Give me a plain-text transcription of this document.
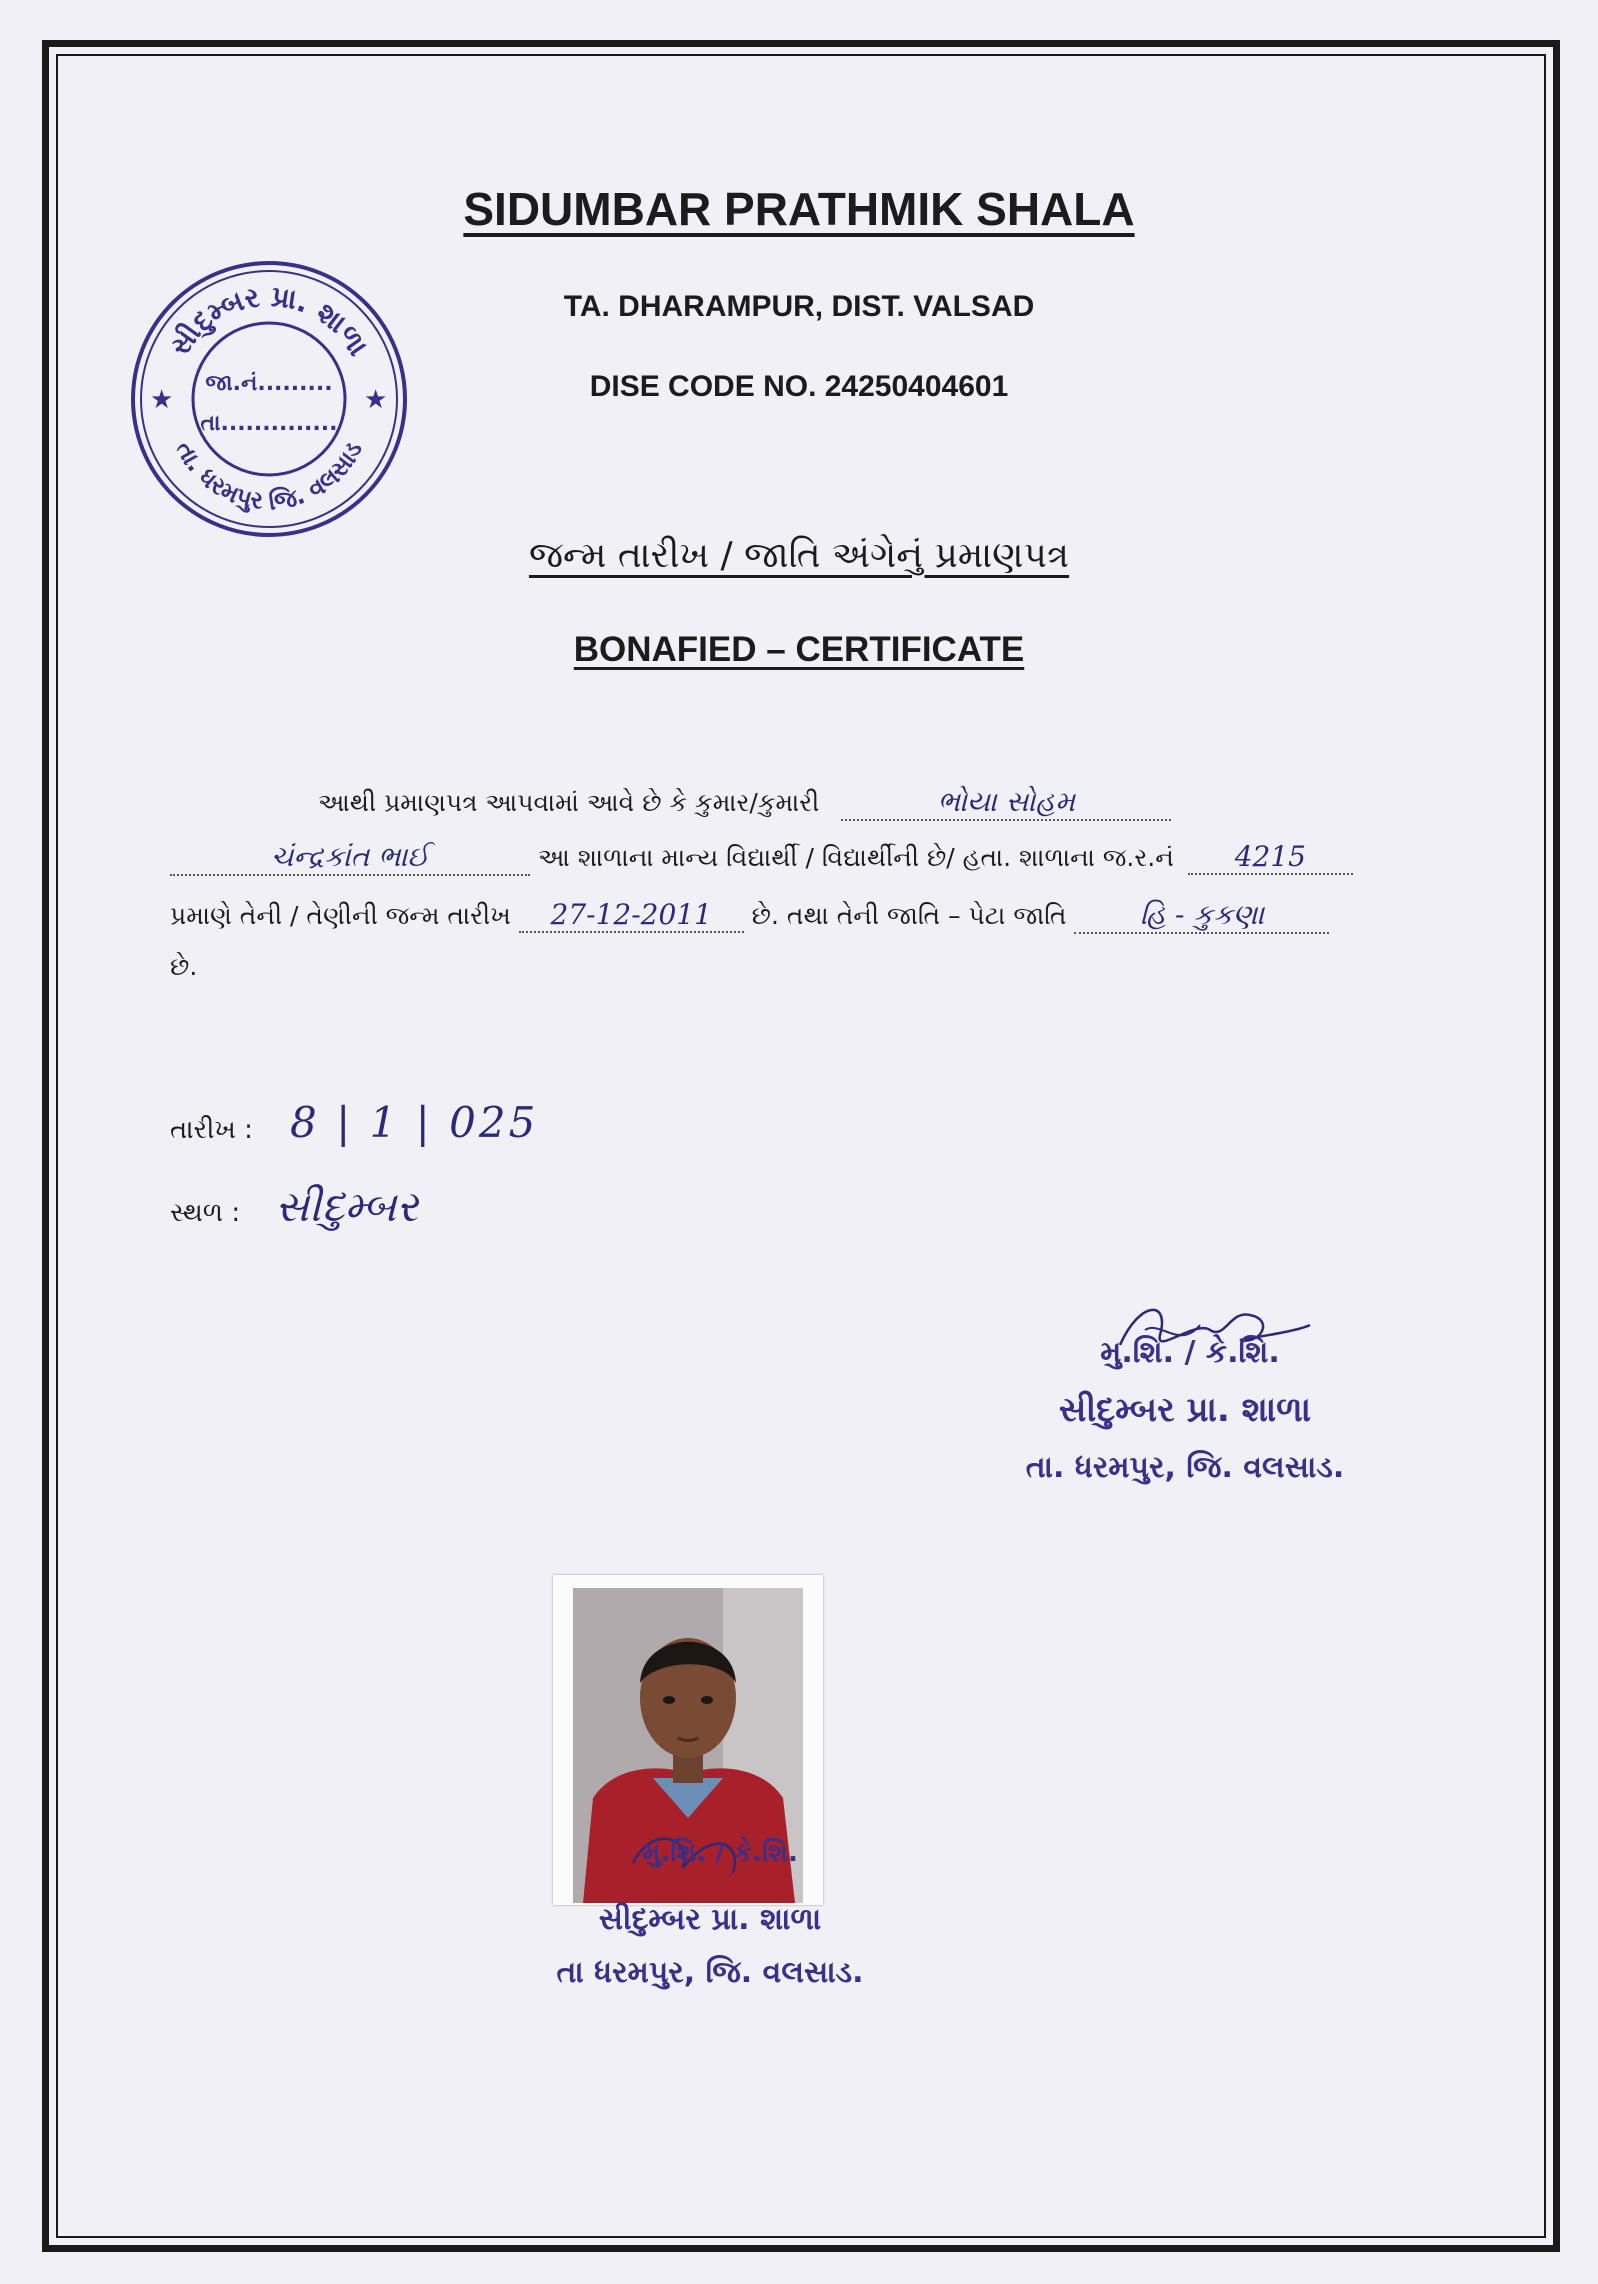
SIDUMBAR PRATHMIK SHALA
TA. DHARAMPUR, DIST. VALSAD
DISE CODE NO. 24250404601
સીદુમ્બર પ્રા. શાળા
તા. ધરમપુર જિ. વલસાડ
★	★
જા.નં.........
તા..............
જન્મ તારીખ / જાતિ અંગેનું પ્રમાણપત્ર
BONAFIED – CERTIFICATE
આથી પ્રમાણપત્ર આપવામાં આવે છે કે કુમાર/કુમારી	ભોયા સોહમ
ચંન્દ્રકાંત ભાઈ	આ શાળાના માન્ય વિદ્યાર્થી / વિદ્યાર્થીની છે/ હતા. શાળાના જ.ર.નં 4215
પ્રમાણે તેની / તેણીની જન્મ તારીખ 27-12-2011 છે. તથા તેની જાતિ – પેટા જાતિ	હિ - કુકણા
છે.
તારીખ : 8 | 1 | 025
સ્થળ : સીદુમ્બર
મુ.શિ. / કે.શિ.
સીદુમ્બર પ્રા. શાળા
તા. ધરમપુર, જિ. વલસાડ.
મુ.શિ. / કે.શિ.
સીદુમ્બર પ્રા. શાળા
તા ધરમપુર, જિ. વલસાડ.
